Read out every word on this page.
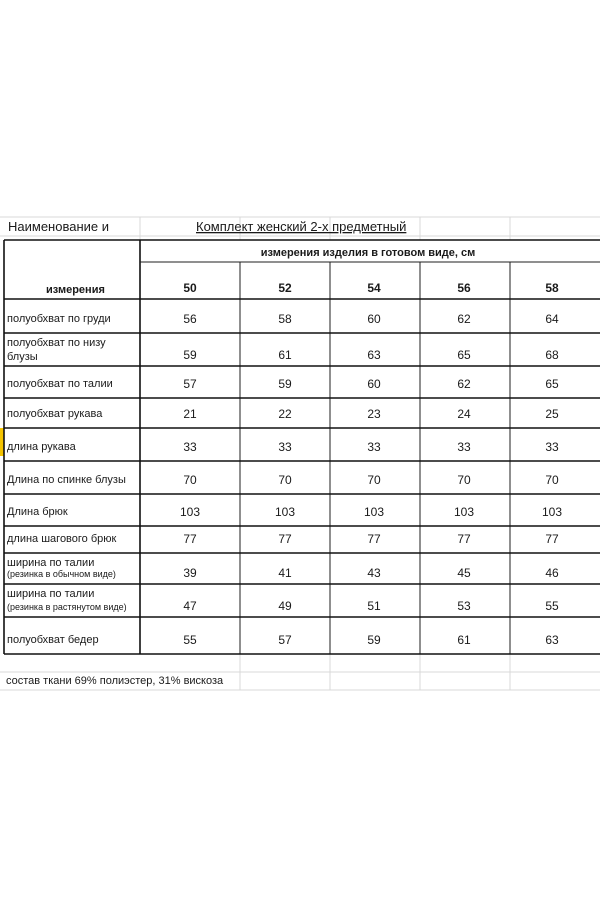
Наименование и	Комплект женский 2-х предметный
измерения изделия в готовом виде, см
измерения	50	52	54	56	58
полуобхват по груди	56	58	60	62	64
полуобхват по низу
блузы	59	61	63	65	68
полуобхват по талии	57	59	60	62	65
полуобхват рукава	21	22	23	24	25
длина рукава	33	33	33	33	33
Длина по спинке блузы	70	70	70	70	70
Длина брюк	103	103	103	103	103
длина шагового брюк	77	77	77	77	77
ширина по талии
(резинка в обычном виде)	39	41	43	45	46
ширина по талии
(резинка в растянутом виде)	47	49	51	53	55
полуобхват бедер	55	57	59	61	63
состав ткани 69% полиэстер, 31% вискоза
